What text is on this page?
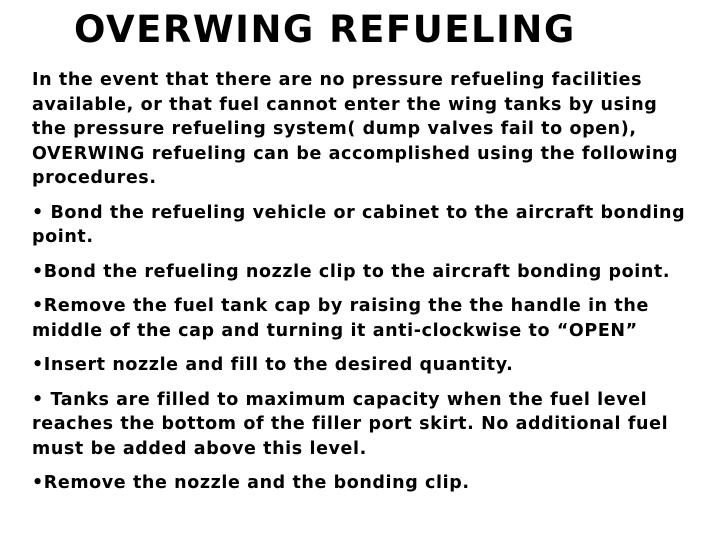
OVERWING REFUELING

In the event that there are no pressure refueling facilities
available, or that fuel cannot enter the wing tanks by using
the pressure refueling system( dump valves fail to open),
OVERWING refueling can be accomplished using the following
procedures.

• Bond the refueling vehicle or cabinet to the aircraft bonding
point.

•Bond the refueling nozzle clip to the aircraft bonding point.

•Remove the fuel tank cap by raising the the handle in the
middle of the cap and turning it anti-clockwise to “OPEN”

•Insert nozzle and fill to the desired quantity.

• Tanks are filled to maximum capacity when the fuel level
reaches the bottom of the filler port skirt. No additional fuel
must be added above this level.

•Remove the nozzle and the bonding clip.
